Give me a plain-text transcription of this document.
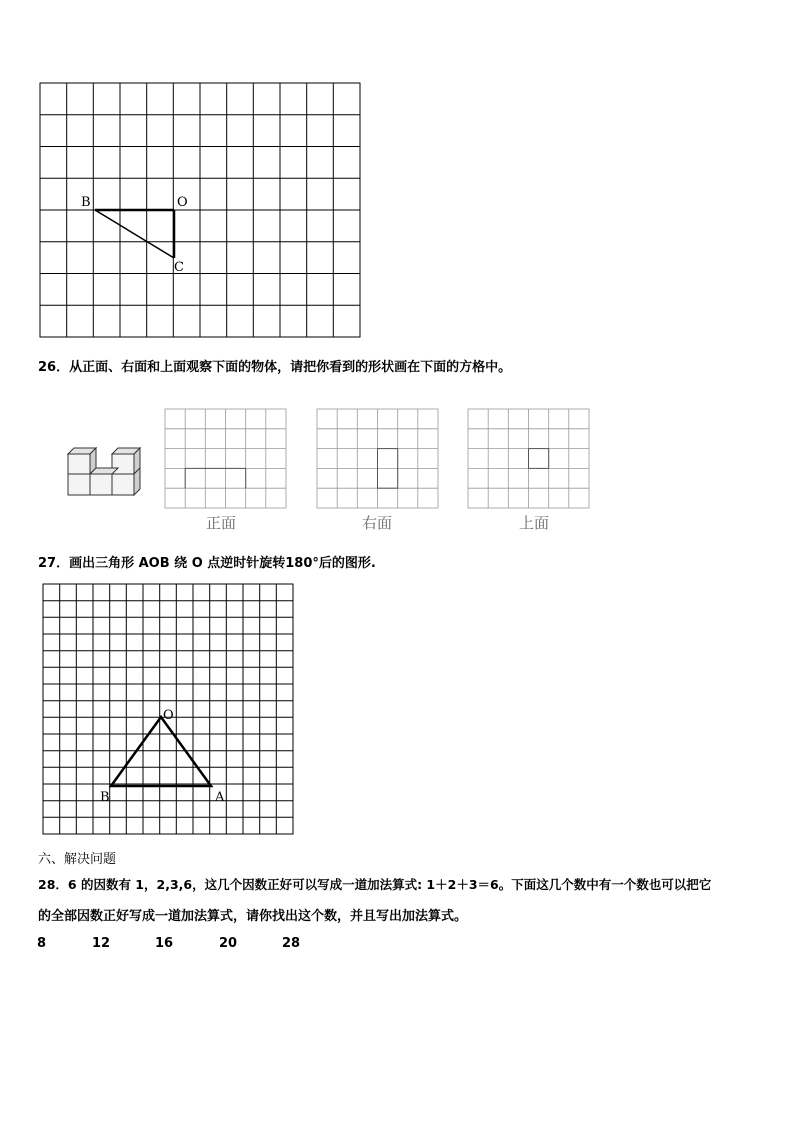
B	O
C
26．从正面、右面和上面观察下面的物体，请把你看到的形状画在下面的方格中。
正面	右面	上面
27．画出三角形 AOB 绕 O 点逆时针旋转180°后的图形.
O
B	A
六、解决问题
28．6 的因数有 1，2,3,6，这几个因数正好可以写成一道加法算式: 1＋2＋3＝6。下面这几个数中有一个数也可以把它
的全部因数正好写成一道加法算式，请你找出这个数，并且写出加法算式。
8	12	16	20	28
